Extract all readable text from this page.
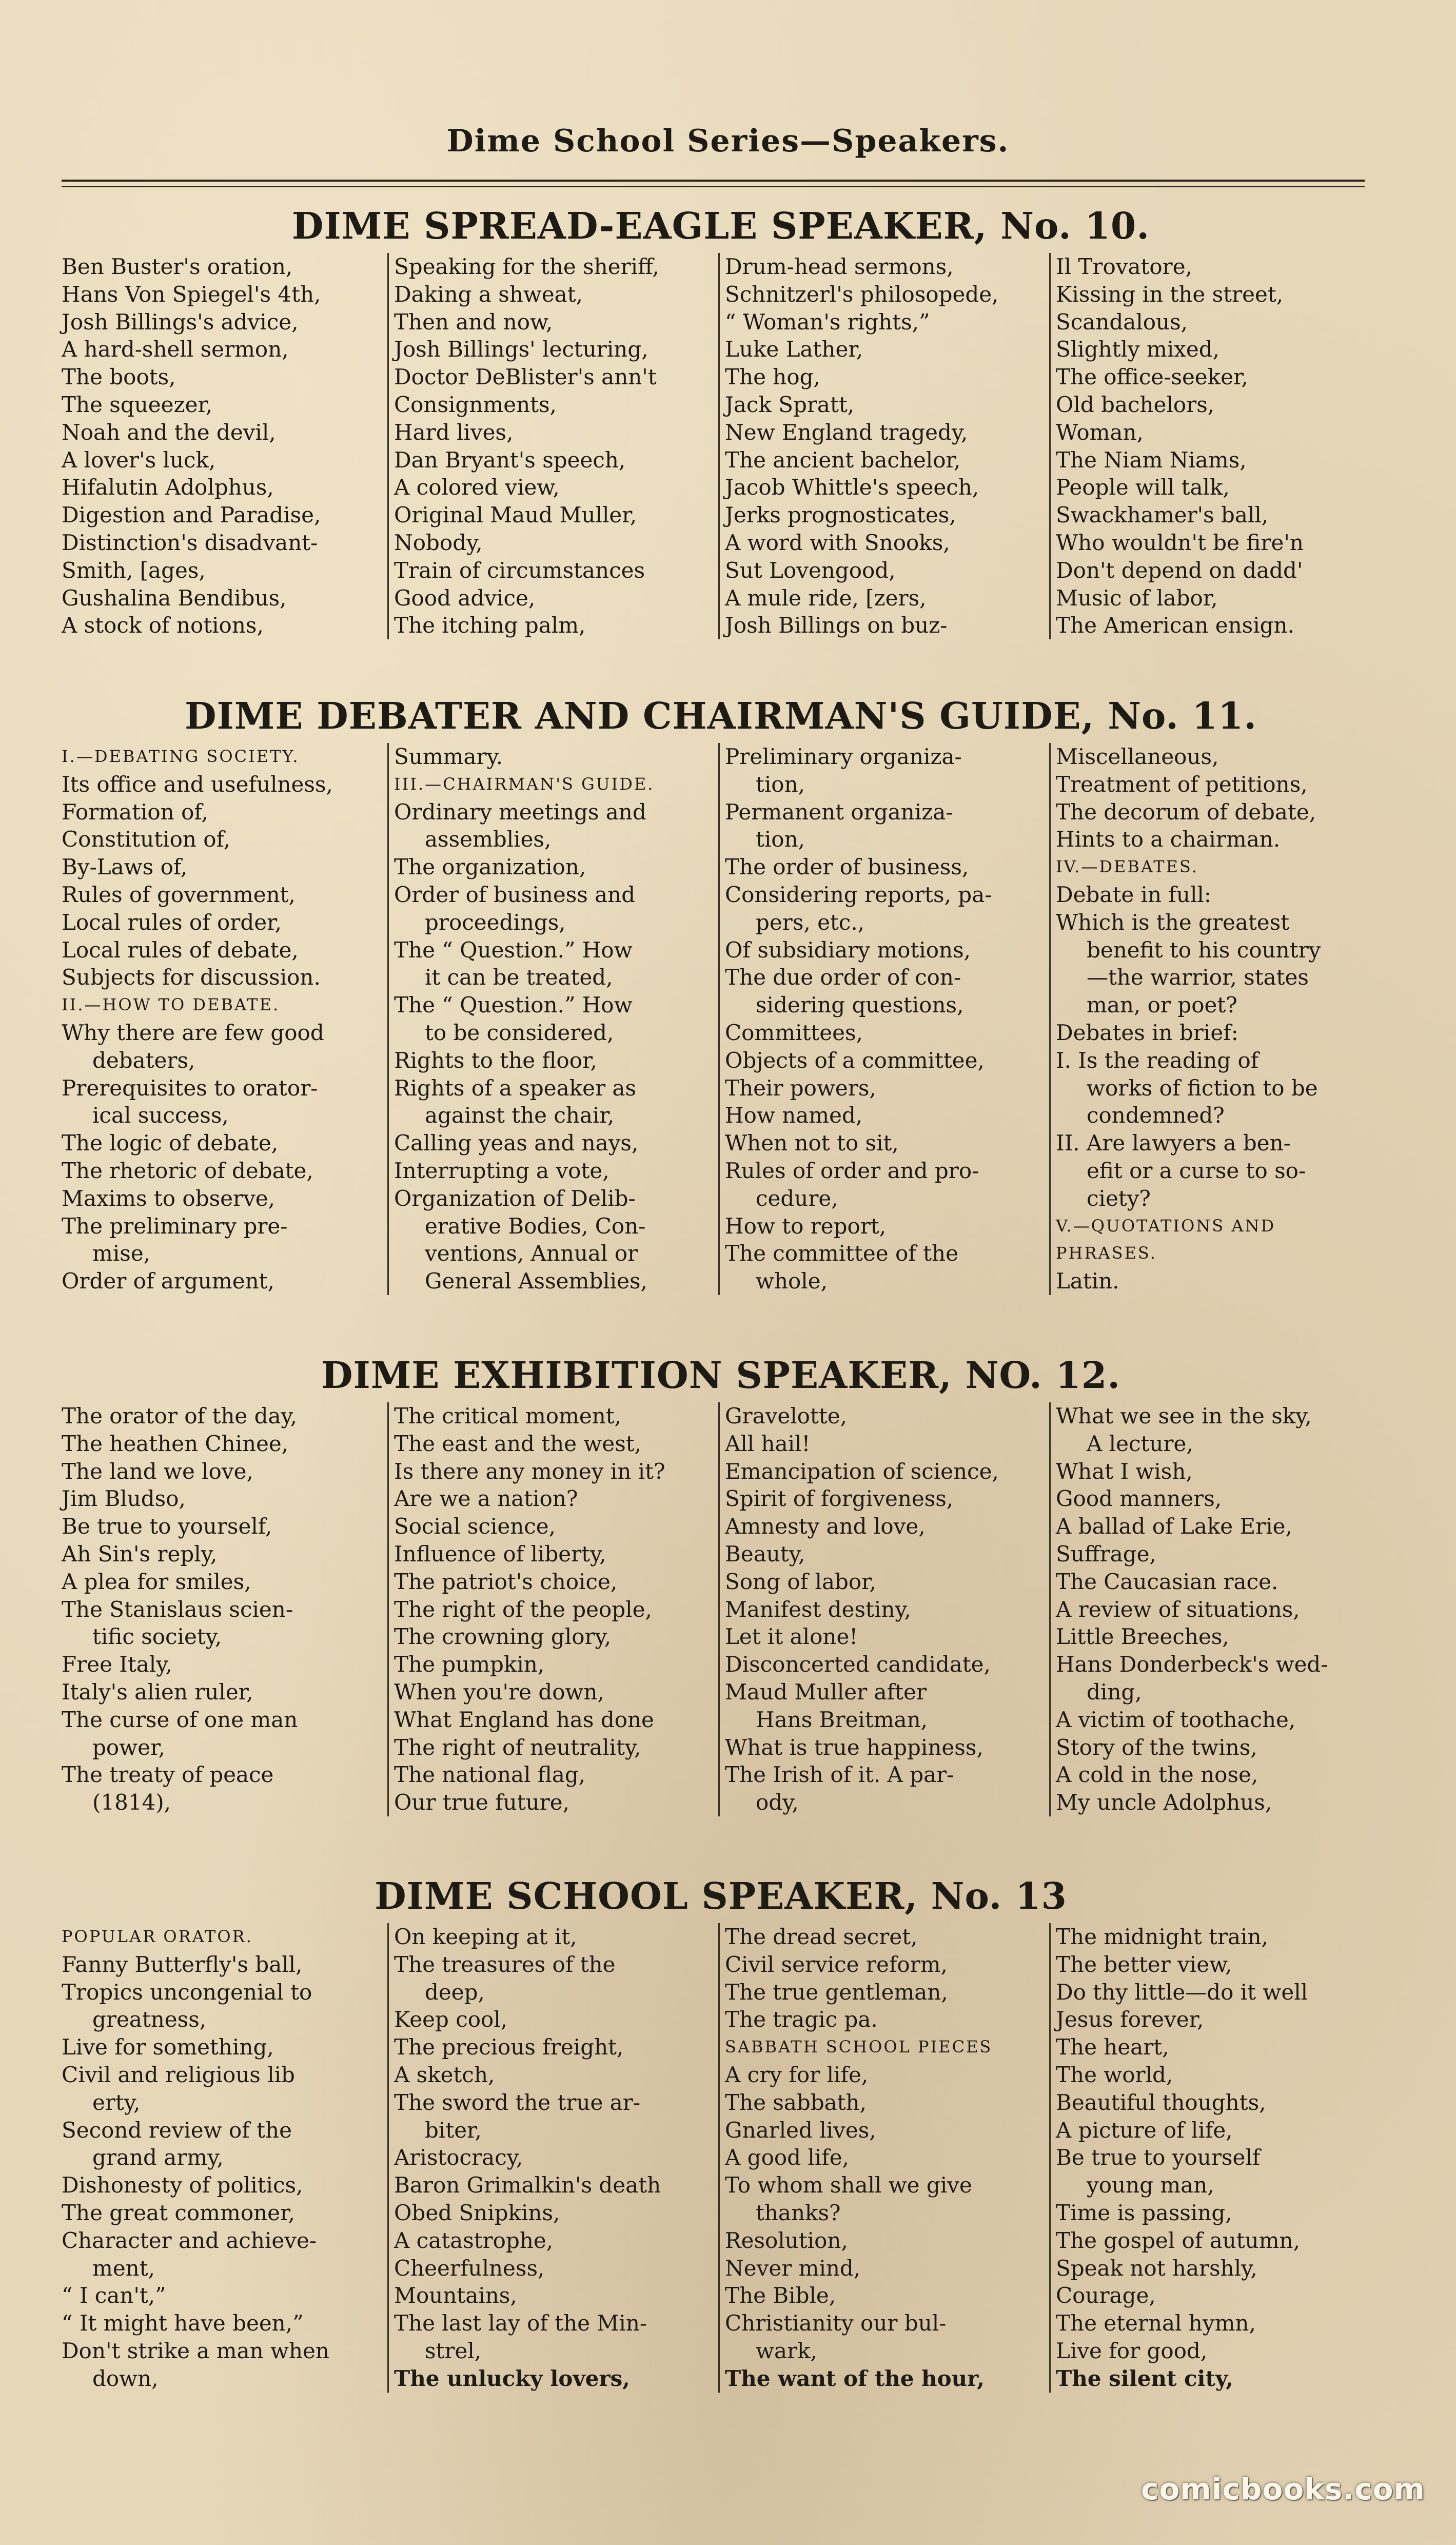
Dime School Series—Speakers.
DIME SPREAD-EAGLE SPEAKER, No. 10.
Ben Buster's oration,
Hans Von Spiegel's 4th,
Josh Billings's advice,
A hard-shell sermon,
The boots,
The squeezer,
Noah and the devil,
A lover's luck,
Hifalutin Adolphus,
Digestion and Paradise,
Distinction's disadvant-
Smith, [ages,
Gushalina Bendibus,
A stock of notions,
Speaking for the sheriff,
Daking a shweat,
Then and now,
Josh Billings' lecturing,
Doctor DeBlister's ann't
Consignments,
Hard lives,
Dan Bryant's speech,
A colored view,
Original Maud Muller,
Nobody,
Train of circumstances
Good advice,
The itching palm,
Drum-head sermons,
Schnitzerl's philosopede,
“ Woman's rights,”
Luke Lather,
The hog,
Jack Spratt,
New England tragedy,
The ancient bachelor,
Jacob Whittle's speech,
Jerks prognosticates,
A word with Snooks,
Sut Lovengood,
A mule ride, [zers,
Josh Billings on buz-
Il Trovatore,
Kissing in the street,
Scandalous,
Slightly mixed,
The office-seeker,
Old bachelors,
Woman,
The Niam Niams,
People will talk,
Swackhamer's ball,
Who wouldn't be fire'n
Don't depend on dadd'
Music of labor,
The American ensign.
DIME DEBATER AND CHAIRMAN'S GUIDE, No. 11.
I.—DEBATING SOCIETY.
Its office and usefulness,
Formation of,
Constitution of,
By-Laws of,
Rules of government,
Local rules of order,
Local rules of debate,
Subjects for discussion.
II.—HOW TO DEBATE.
Why there are few good
debaters,
Prerequisites to orator-
ical success,
The logic of debate,
The rhetoric of debate,
Maxims to observe,
The preliminary pre-
mise,
Order of argument,
Summary.
III.—CHAIRMAN'S GUIDE.
Ordinary meetings and
assemblies,
The organization,
Order of business and
proceedings,
The “ Question.” How
it can be treated,
The “ Question.” How
to be considered,
Rights to the floor,
Rights of a speaker as
against the chair,
Calling yeas and nays,
Interrupting a vote,
Organization of Delib-
erative Bodies, Con-
ventions, Annual or
General Assemblies,
Preliminary organiza-
tion,
Permanent organiza-
tion,
The order of business,
Considering reports, pa-
pers, etc.,
Of subsidiary motions,
The due order of con-
sidering questions,
Committees,
Objects of a committee,
Their powers,
How named,
When not to sit,
Rules of order and pro-
cedure,
How to report,
The committee of the
whole,
Miscellaneous,
Treatment of petitions,
The decorum of debate,
Hints to a chairman.
IV.—DEBATES.
Debate in full:
Which is the greatest
benefit to his country
—the warrior, states
man, or poet?
Debates in brief:
I. Is the reading of
works of fiction to be
condemned?
II. Are lawyers a ben-
efit or a curse to so-
ciety?
V.—QUOTATIONS AND
PHRASES.
Latin.
DIME EXHIBITION SPEAKER, NO. 12.
The orator of the day,
The heathen Chinee,
The land we love,
Jim Bludso,
Be true to yourself,
Ah Sin's reply,
A plea for smiles,
The Stanislaus scien-
tific society,
Free Italy,
Italy's alien ruler,
The curse of one man
power,
The treaty of peace
(1814),
The critical moment,
The east and the west,
Is there any money in it?
Are we a nation?
Social science,
Influence of liberty,
The patriot's choice,
The right of the people,
The crowning glory,
The pumpkin,
When you're down,
What England has done
The right of neutrality,
The national flag,
Our true future,
Gravelotte,
All hail!
Emancipation of science,
Spirit of forgiveness,
Amnesty and love,
Beauty,
Song of labor,
Manifest destiny,
Let it alone!
Disconcerted candidate,
Maud Muller after
Hans Breitman,
What is true happiness,
The Irish of it. A par-
ody,
What we see in the sky,
A lecture,
What I wish,
Good manners,
A ballad of Lake Erie,
Suffrage,
The Caucasian race.
A review of situations,
Little Breeches,
Hans Donderbeck's wed-
ding,
A victim of toothache,
Story of the twins,
A cold in the nose,
My uncle Adolphus,
DIME SCHOOL SPEAKER, No. 13
POPULAR ORATOR.
Fanny Butterfly's ball,
Tropics uncongenial to
greatness,
Live for something,
Civil and religious lib
erty,
Second review of the
grand army,
Dishonesty of politics,
The great commoner,
Character and achieve-
ment,
“ I can't,”
“ It might have been,”
Don't strike a man when
down,
On keeping at it,
The treasures of the
deep,
Keep cool,
The precious freight,
A sketch,
The sword the true ar-
biter,
Aristocracy,
Baron Grimalkin's death
Obed Snipkins,
A catastrophe,
Cheerfulness,
Mountains,
The last lay of the Min-
strel,
The unlucky lovers,
The dread secret,
Civil service reform,
The true gentleman,
The tragic pa.
SABBATH SCHOOL PIECES
A cry for life,
The sabbath,
Gnarled lives,
A good life,
To whom shall we give
thanks?
Resolution,
Never mind,
The Bible,
Christianity our bul-
wark,
The want of the hour,
The midnight train,
The better view,
Do thy little—do it well
Jesus forever,
The heart,
The world,
Beautiful thoughts,
A picture of life,
Be true to yourself
young man,
Time is passing,
The gospel of autumn,
Speak not harshly,
Courage,
The eternal hymn,
Live for good,
The silent city,
comicbooks.com
